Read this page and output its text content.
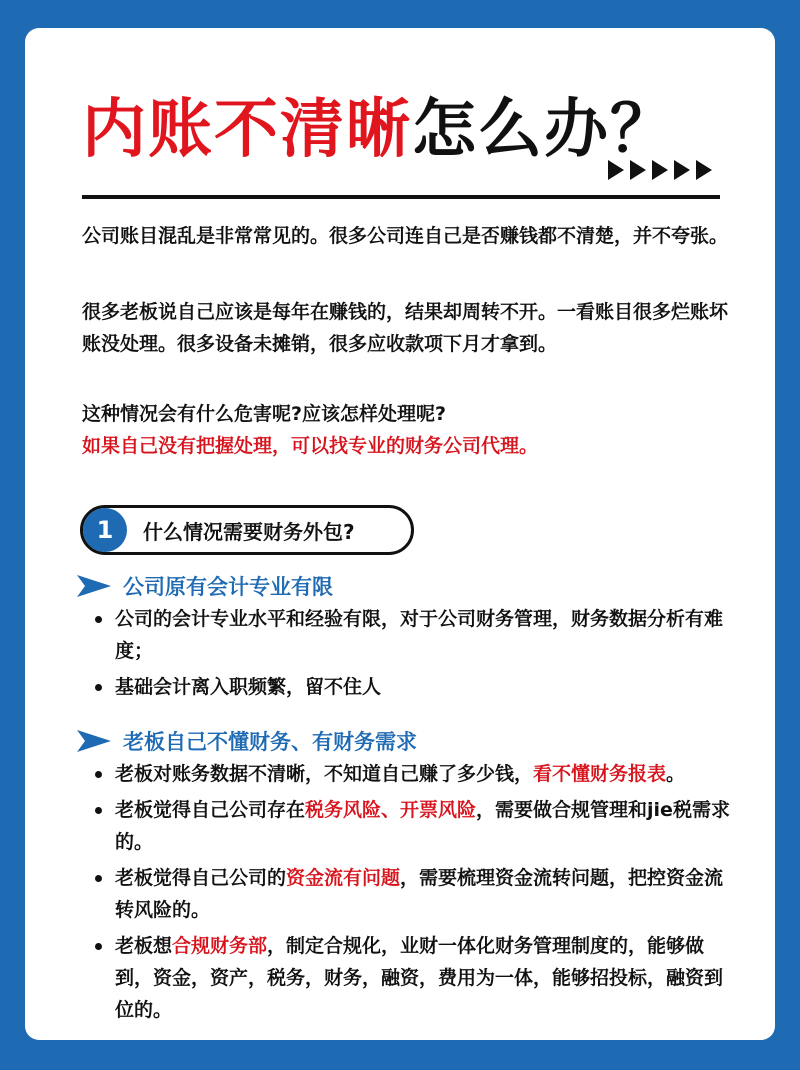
内账不清晰怎么办？

公司账目混乱是非常常见的。很多公司连自己是否赚钱都不清楚，并不夸张。

很多老板说自己应该是每年在赚钱的，结果却周转不开。一看账目很多烂账坏账没处理。很多设备未摊销，很多应收款项下月才拿到。

这种情况会有什么危害呢?应该怎样处理呢?

如果自己没有把握处理，可以找专业的财务公司代理。

1	什么情况需要财务外包?
公司原有会计专业有限
公司的会计专业水平和经验有限，对于公司财务管理，财务数据分析有难度；
基础会计离入职频繁，留不住人
老板自己不懂财务、有财务需求
老板对账务数据不清晰，不知道自己赚了多少钱，看不懂财务报表。
老板觉得自己公司存在税务风险、开票风险，需要做合规管理和jie税需求的。
老板觉得自己公司的资金流有问题，需要梳理资金流转问题，把控资金流转风险的。
老板想合规财务部，制定合规化，业财一体化财务管理制度的，能够做到，资金，资产，税务，财务，融资，费用为一体，能够招投标，融资到位的。
